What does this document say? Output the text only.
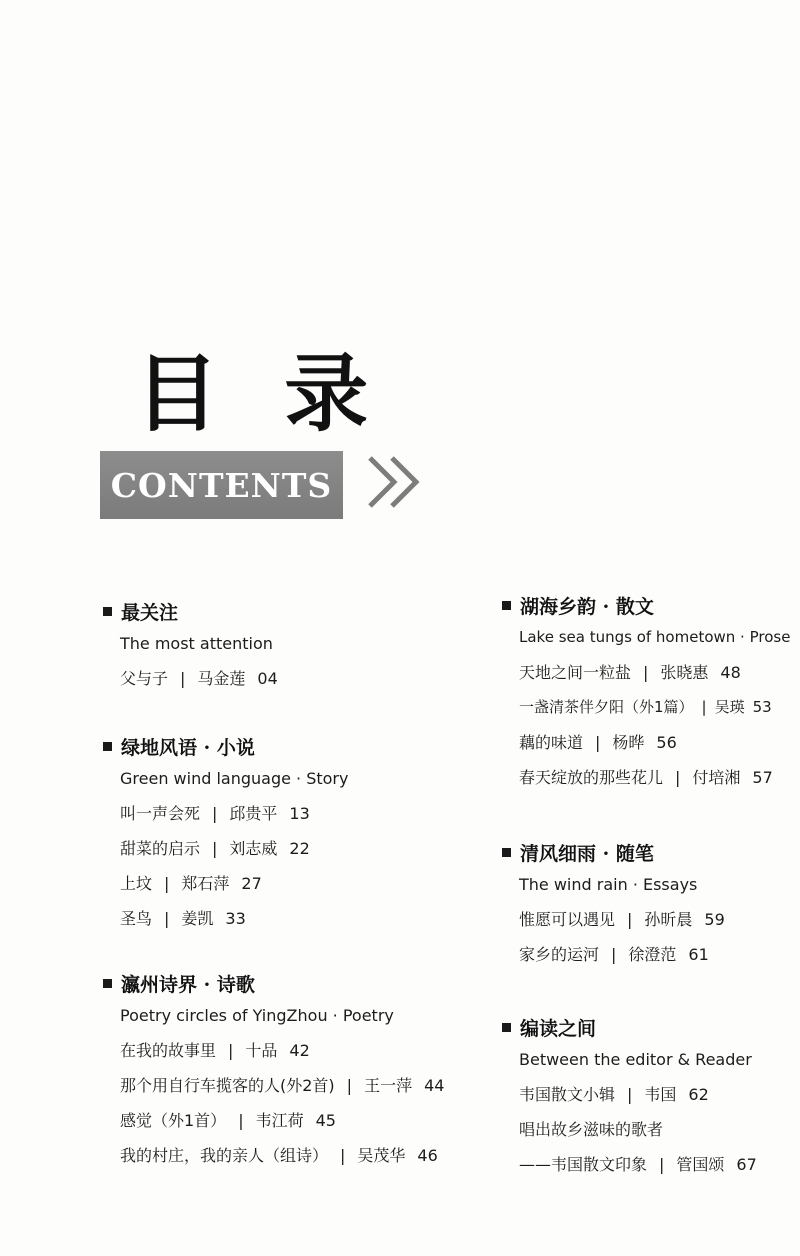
目 录
CONTENTS
最关注
The most attention
父与子 | 马金莲 04
绿地风语 · 小说
Green wind language · Story
叫一声会死 | 邱贵平 13
甜菜的启示 | 刘志威 22
上坟 | 郑石萍 27
圣鸟 | 姜凯 33
瀛州诗界 · 诗歌
Poetry circles of YingZhou · Poetry
在我的故事里 | 十品 42
那个用自行车揽客的人(外2首) | 王一萍 44
感觉（外1首） | 韦江荷 45
我的村庄，我的亲人（组诗） | 吴茂华 46
湖海乡韵 · 散文
Lake sea tungs of hometown · Prose
天地之间一粒盐 | 张晓惠 48
一盏清茶伴夕阳（外1篇） | 吴瑛 53
藕的味道 | 杨晔 56
春天绽放的那些花儿 | 付培湘 57
清风细雨 · 随笔
The wind rain · Essays
惟愿可以遇见 | 孙昕晨 59
家乡的运河 | 徐澄范 61
编读之间
Between the editor & Reader
韦国散文小辑 | 韦国 62
唱出故乡滋味的歌者
——韦国散文印象 | 管国颂 67
